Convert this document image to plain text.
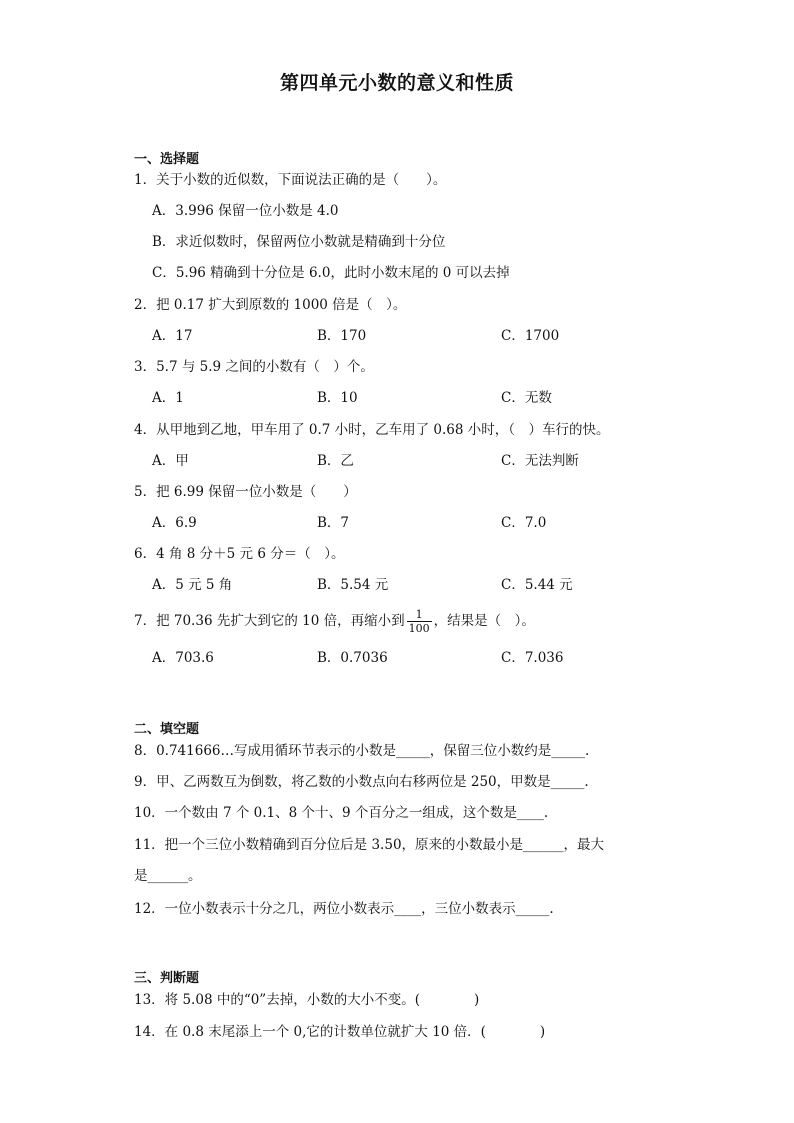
第四单元小数的意义和性质
一、选择题
1．关于小数的近似数，下面说法正确的是（　　）。
A．3.996 保留一位小数是 4.0
B．求近似数时，保留两位小数就是精确到十分位
C．5.96 精确到十分位是 6.0，此时小数末尾的 0 可以去掉
2．把 0.17 扩大到原数的 1000 倍是（　）。
A．17	B．170	C．1700
3．5.7 与 5.9 之间的小数有（　）个。
A．1	B．10	C．无数
4．从甲地到乙地，甲车用了 0.7 小时，乙车用了 0.68 小时，（　）车行的快。
A．甲	B．乙	C．无法判断
5．把 6.99 保留一位小数是（　　）
A．6.9	B．7	C．7.0
6．4 角 8 分＋5 元 6 分＝（　）。
A．5 元 5 角	B．5.54 元	C．5.44 元
7．把 70.36 先扩大到它的 10 倍，再缩小到 $\frac{1}{100}$ ，结果是（　）。
A．703.6	B．0.7036	C．7.036
二、填空题
8．0.741666…写成用循环节表示的小数是_____，保留三位小数约是_____.
9．甲、乙两数互为倒数，将乙数的小数点向右移两位是 250，甲数是_____.
10．一个数由 7 个 0.1、8 个十、9 个百分之一组成，这个数是____.
11．把一个三位小数精确到百分位后是 3.50，原来的小数最小是______，最大
是______。
12．一位小数表示十分之几，两位小数表示____，三位小数表示_____.
三、判断题
13．将 5.08 中的“0”去掉，小数的大小不变。(　　　　)
14．在 0.8 末尾添上一个 0,它的计数单位就扩大 10 倍．(　　　　)
